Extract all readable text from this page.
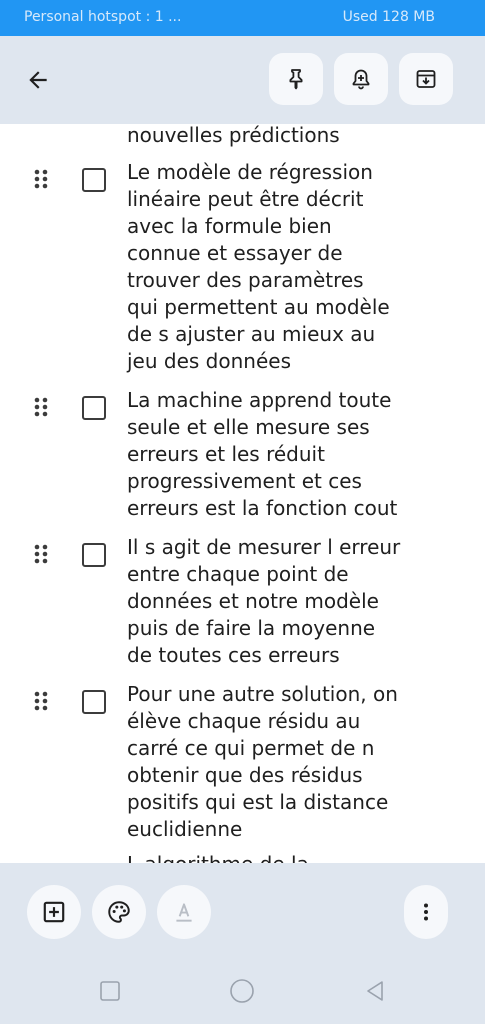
Personal hotspot : 1 ...	Used 128 MB
nouvelles prédictions
Le modèle de régression
linéaire peut être décrit
avec la formule bien
connue et essayer de
trouver des paramètres
qui permettent au modèle
de s ajuster au mieux au
jeu des données
La machine apprend toute
seule et elle mesure ses
erreurs et les réduit
progressivement et ces
erreurs est la fonction cout
Il s agit de mesurer l erreur
entre chaque point de
données et notre modèle
puis de faire la moyenne
de toutes ces erreurs
Pour une autre solution, on
élève chaque résidu au
carré ce qui permet de n
obtenir que des résidus
positifs qui est la distance
euclidienne
